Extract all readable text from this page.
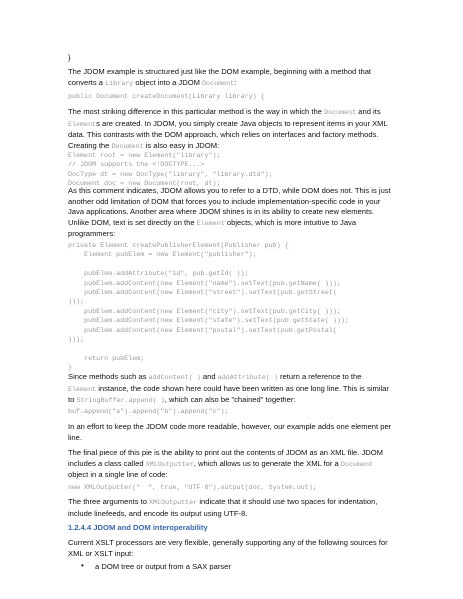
}
The JDOM example is structured just like the DOM example, beginning with a method that
converts a Library object into a JDOM Document:
public Document createDocument(Library library) {
The most striking difference in this particular method is the way in which the Document and its
Elements are created. In JDOM, you simply create Java objects to represent items in your XML
data. This contrasts with the DOM approach, which relies on interfaces and factory methods.
Creating the Document is also easy in JDOM:
Element root = new Element("library");
// JDOM supports the <!DOCTYPE...>
DocType dt = new DocType("library", "library.dtd");
Document doc = new Document(root, dt);
As this comment indicates, JDOM allows you to refer to a DTD, while DOM does not. This is just
another odd limitation of DOM that forces you to include implementation-specific code in your
Java applications. Another area where JDOM shines is in its ability to create new elements.
Unlike DOM, text is set directly on the Element objects, which is more intuitive to Java
programmers:
private Element createPublisherElement(Publisher pub) {
Element pubElem = new Element("publisher");

pubElem.addAttribute("id", pub.getId( ));
pubElem.addContent(new Element("name").setText(pub.getName( )));
pubElem.addContent(new Element("street").setText(pub.getStreet(
)));
pubElem.addContent(new Element("city").setText(pub.getCity( )));
pubElem.addContent(new Element("state").setText(pub.getState( )));
pubElem.addContent(new Element("postal").setText(pub.getPostal(
)));

return pubElem;
}
Since methods such as addContent( ) and addAttribute( ) return a reference to the
Element instance, the code shown here could have been written as one long line. This is similar
to StringBuffer.append( ), which can also be "chained" together:
buf.append("a").append("b").append("c");
In an effort to keep the JDOM code more readable, however, our example adds one element per
line.
The final piece of this pie is the ability to print out the contents of JDOM as an XML file. JDOM
includes a class called XMLOutputter, which allows us to generate the XML for a Document
object in a single line of code:
new XMLOutputter("  ", true, "UTF-8").output(doc, System.out);
The three arguments to XMLOutputter indicate that it should use two spaces for indentation,
include linefeeds, and encode its output using UTF-8.
1.2.4.4 JDOM and DOM interoperability
Current XSLT processors are very flexible, generally supporting any of the following sources for
XML or XSLT input:
• a DOM tree or output from a SAX parser
